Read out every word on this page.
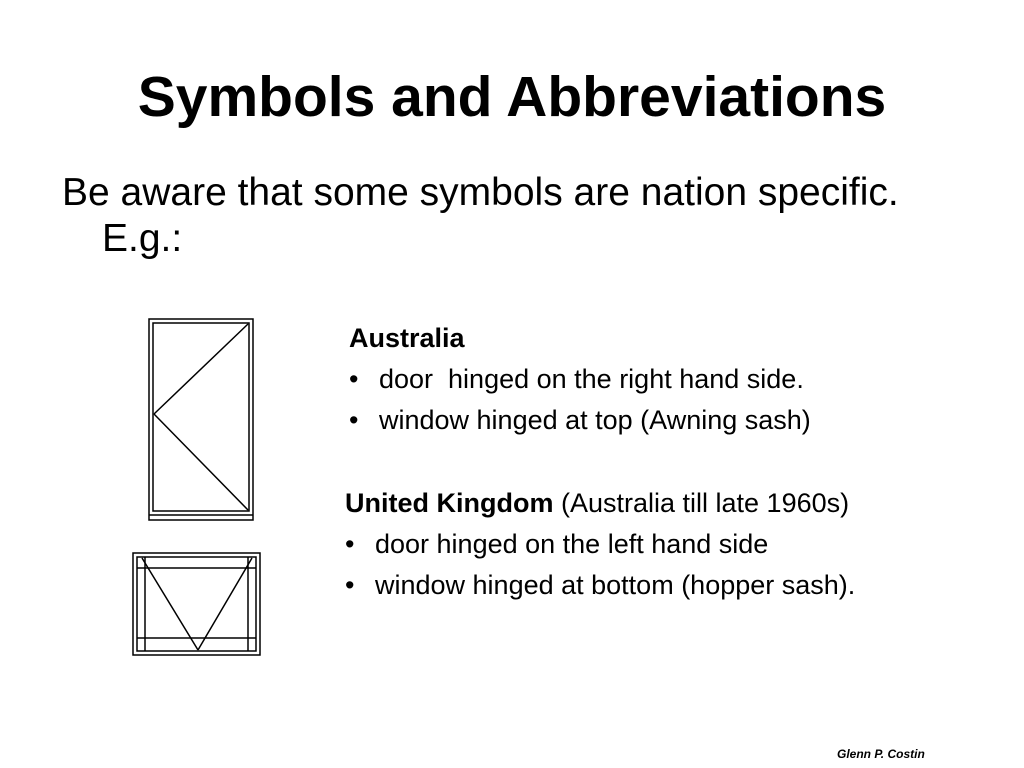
Symbols and Abbreviations

Be aware that some symbols are nation specific. E.g.:

Australia
• door  hinged on the right hand side.
• window hinged at top (Awning sash)
United Kingdom (Australia till late 1960s)
• door hinged on the left hand side
• window hinged at bottom (hopper sash).
Glenn P. Costin
